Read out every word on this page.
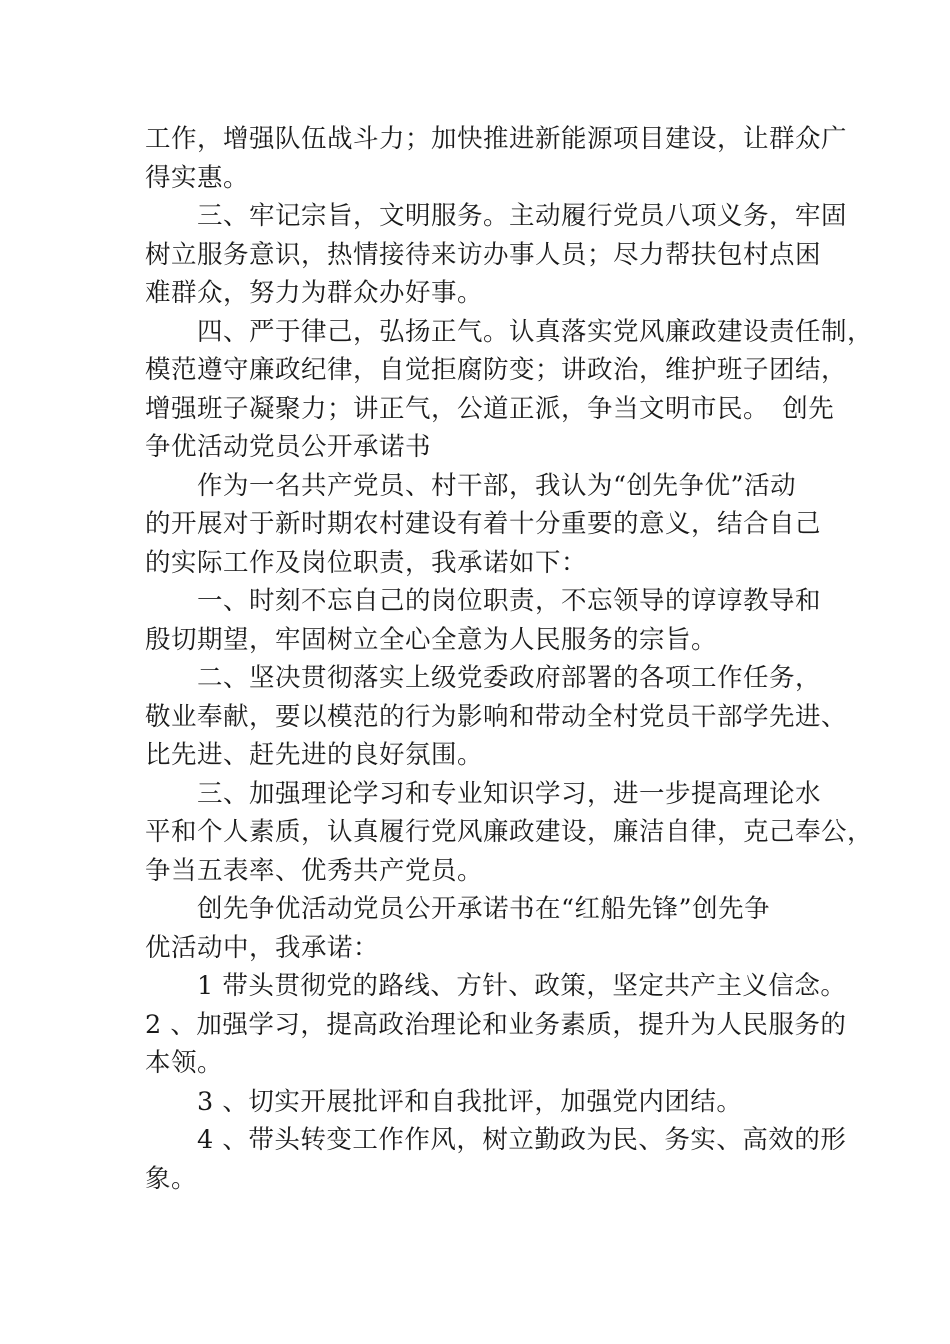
工作，增强队伍战斗力；加快推进新能源项目建设，让群众广
得实惠。
三、牢记宗旨，文明服务。主动履行党员八项义务，牢固
树立服务意识，热情接待来访办事人员；尽力帮扶包村点困
难群众，努力为群众办好事。
四、严于律己，弘扬正气。认真落实党风廉政建设责任制，
模范遵守廉政纪律，自觉拒腐防变；讲政治，维护班子团结，
增强班子凝聚力；讲正气，公道正派，争当文明市民。　创先
争优活动党员公开承诺书
作为一名共产党员、村干部，我认为“创先争优”活动
的开展对于新时期农村建设有着十分重要的意义，结合自己
的实际工作及岗位职责，我承诺如下：
一、时刻不忘自己的岗位职责，不忘领导的谆谆教导和
殷切期望，牢固树立全心全意为人民服务的宗旨。
二、坚决贯彻落实上级党委政府部署的各项工作任务，
敬业奉献，要以模范的行为影响和带动全村党员干部学先进、
比先进、赶先进的良好氛围。
三、加强理论学习和专业知识学习，进一步提高理论水
平和个人素质，认真履行党风廉政建设，廉洁自律，克己奉公，
争当五表率、优秀共产党员。
创先争优活动党员公开承诺书在“红船先锋”创先争
优活动中，我承诺：
1 带头贯彻党的路线、方针、政策，坚定共产主义信念。
2 、加强学习，提高政治理论和业务素质，提升为人民服务的
本领。
3 、切实开展批评和自我批评，加强党内团结。
4 、带头转变工作作风，树立勤政为民、务实、高效的形
象。
